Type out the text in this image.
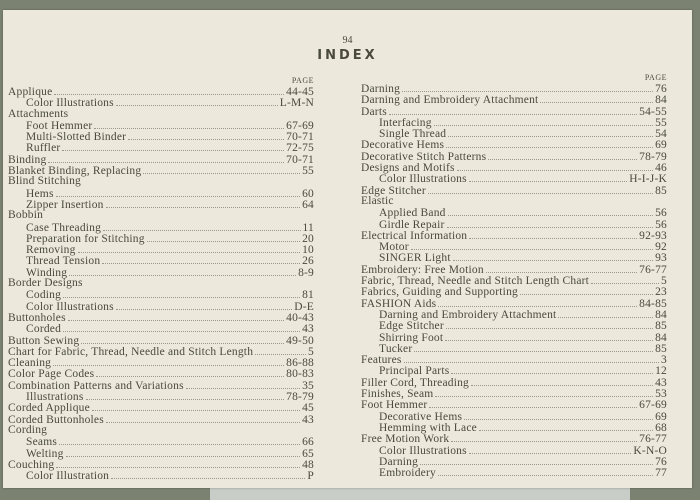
94
INDEX
PAGE
Applique	44-45
Color Illustrations	L-M-N
Attachments
Foot Hemmer	67-69
Multi-Slotted Binder	70-71
Ruffler	72-75
Binding	70-71
Blanket Binding, Replacing	55
Blind Stitching
Hems	60
Zipper Insertion	64
Bobbin
Case Threading	11
Preparation for Stitching	20
Removing	10
Thread Tension	26
Winding	8-9
Border Designs
Coding	81
Color Illustrations	D-E
Buttonholes	40-43
Corded	43
Button Sewing	49-50
Chart for Fabric, Thread, Needle and Stitch Length	5
Cleaning	86-88
Color Page Codes	80-83
Combination Patterns and Variations	35
Illustrations	78-79
Corded Applique	45
Corded Buttonholes	43
Cording
Seams	66
Welting	65
Couching	48
Color Illustration	P
PAGE
Darning	76
Darning and Embroidery Attachment	84
Darts	54-55
Interfacing	55
Single Thread	54
Decorative Hems	69
Decorative Stitch Patterns	78-79
Designs and Motifs	46
Color Illustrations	H-I-J-K
Edge Stitcher	85
Elastic
Applied Band	56
Girdle Repair	56
Electrical Information	92-93
Motor	92
SINGER Light	93
Embroidery: Free Motion	76-77
Fabric, Thread, Needle and Stitch Length Chart	5
Fabrics, Guiding and Supporting	23
FASHION Aids	84-85
Darning and Embroidery Attachment	84
Edge Stitcher	85
Shirring Foot	84
Tucker	85
Features	3
Principal Parts	12
Filler Cord, Threading	43
Finishes, Seam	53
Foot Hemmer	67-69
Decorative Hems	69
Hemming with Lace	68
Free Motion Work	76-77
Color Illustrations	K-N-O
Darning	76
Embroidery	77
